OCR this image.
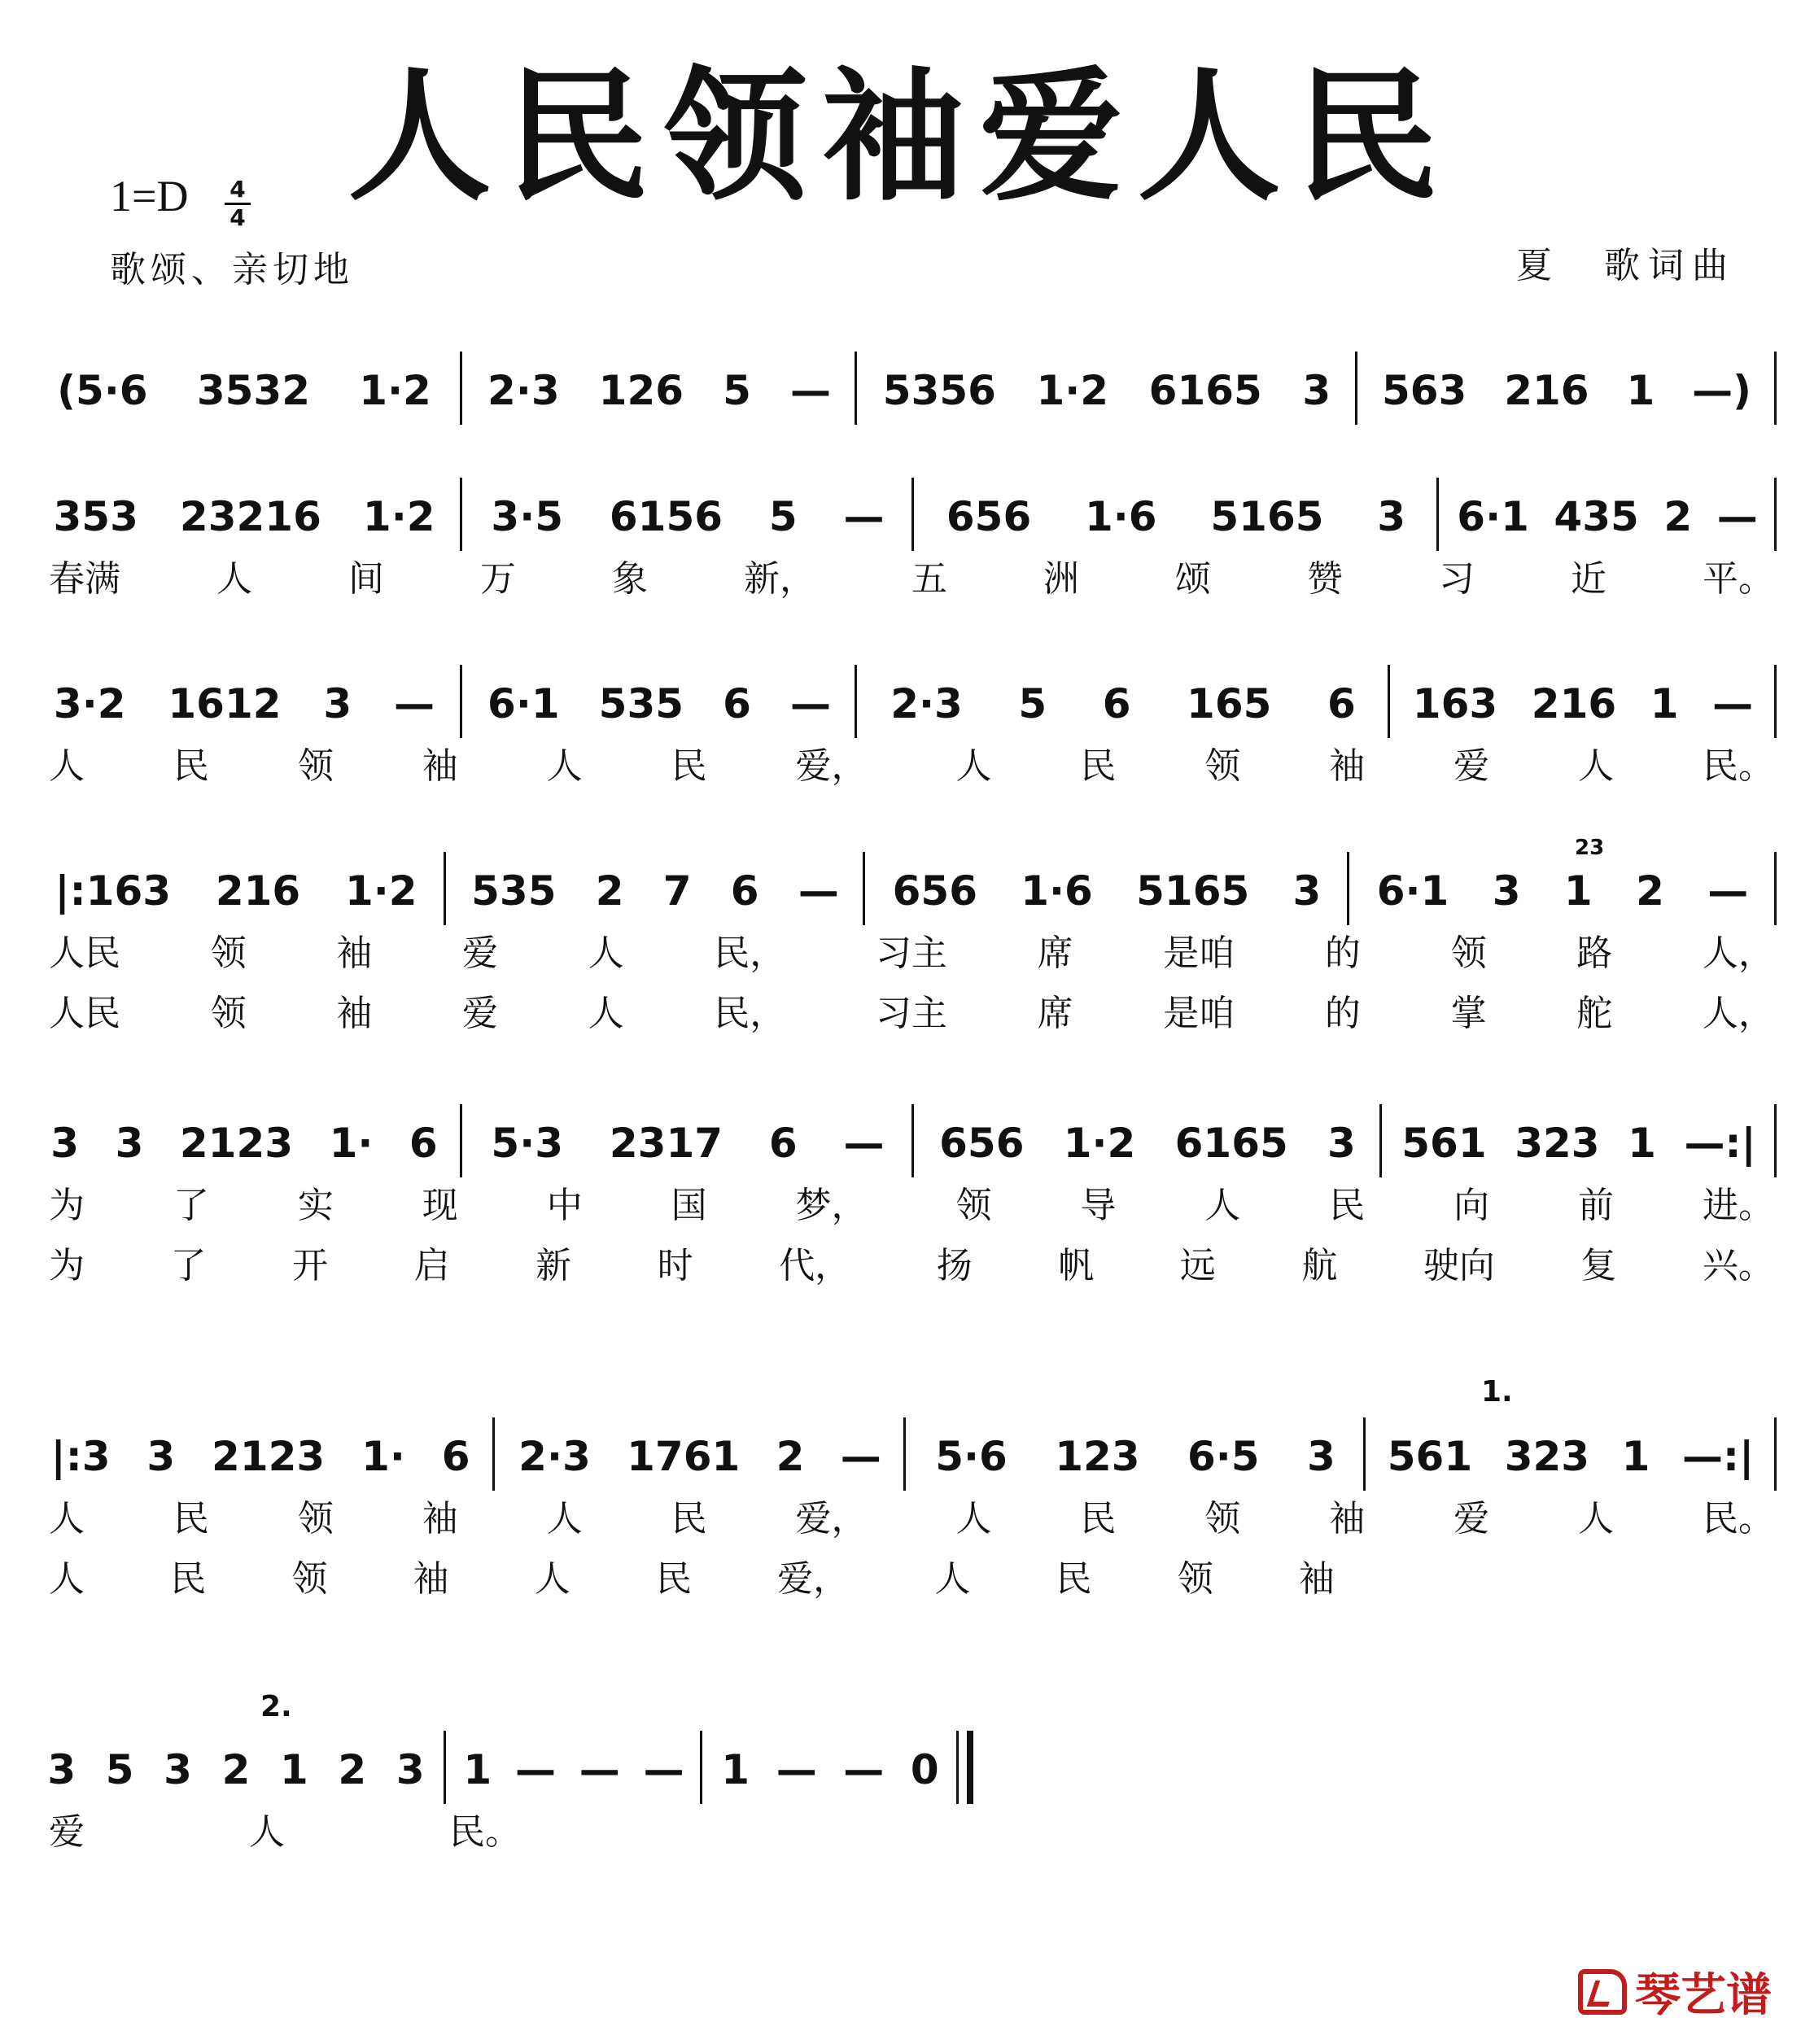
人民领袖爱人民
1=D	4
4
歌颂、亲切地	夏　歌词曲
(5·6 3532 1·2 2·3 126 5 — 5356 1·2 6165 3 563 216 1 —)
353 23216 1·2 3·5 6156 5 — 656 1·6 5165 3 6·1 435 2 —
春满	人	间	万	象	新，	五	洲	颂	赞	习	近	平。
3·2 1612 3 — 6·1 535 6 — 2·3 5 6 165 6 163 216 1 —
人 民 领 袖 人 民 爱， 人 民 领 袖 爱 人 民。
|:163 216 1·2 535 2 7 6 — 656 1·6 5165 3 6·1 3 1 2 —
23
人民	领	袖	爱	人	民，	习主	席	是咱	的	领	路	人，
人民	领	袖	爱	人	民，	习主	席	是咱	的	掌	舵	人，
3 3 2123 1· 6 5·3 2317 6 — 656 1·2 6165 3 561 323 1 —:|
为 了 实 现 中 国 梦， 领 导 人 民 向 前 进。
为 了 开 启 新 时 代， 扬 帆 远 航 驶向 复 兴。
1.
|:3 3 2123 1· 6 2·3 1761 2 — 5·6 123 6·5 3 561 323 1 —:|
人 民 领 袖 人 民 爱， 人 民 领 袖 爱 人 民。
人 民 领 袖 人 民 爱， 人 民 领 袖
2.
3 5 3 2 1 2 3 1 — — — 1 — — 0
爱	人	民。
琴艺谱
